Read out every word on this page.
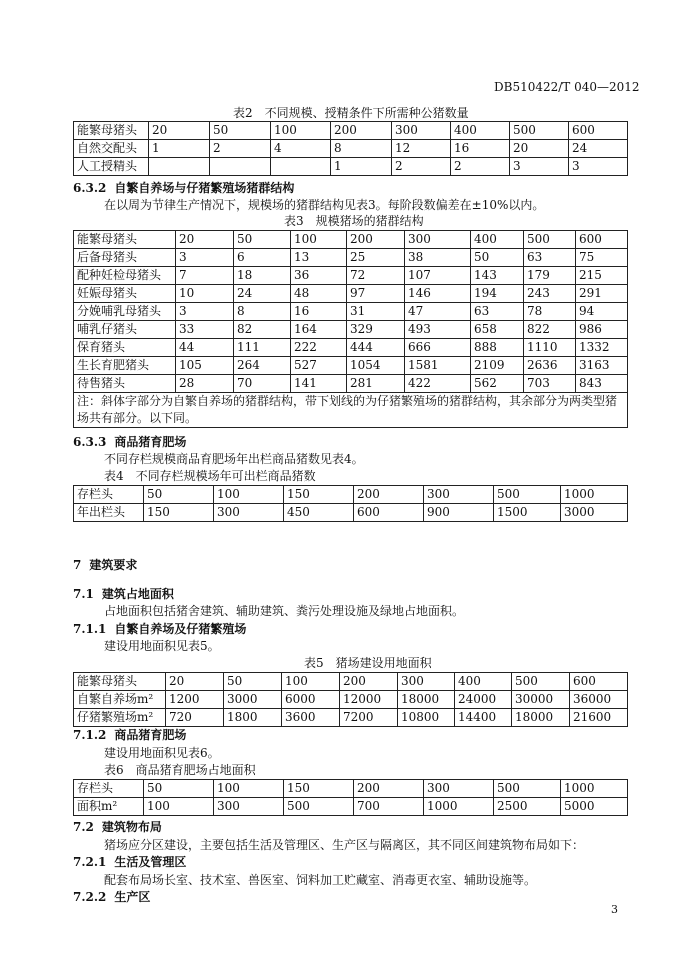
DB510422/T 040—2012
表2　不同规模、授精条件下所需种公猪数量
能繁母猪头	20	50	100	200	300	400	500	600
自然交配头	1	2	4	8	12	16	20	24
人工授精头				1	2	2	3	3
6.3.2 自繁自养场与仔猪繁殖场猪群结构
在以周为节律生产情况下，规模场的猪群结构见表3。每阶段数偏差在±10%以内。
表3　规模猪场的猪群结构
能繁母猪头	20	50	100	200	300	400	500	600
后备母猪头	3	6	13	25	38	50	63	75
配种妊检母猪头	7	18	36	72	107	143	179	215
妊娠母猪头	10	24	48	97	146	194	243	291
分娩哺乳母猪头	3	8	16	31	47	63	78	94
哺乳仔猪头	33	82	164	329	493	658	822	986
保育猪头	44	111	222	444	666	888	1110	1332
生长育肥猪头	105	264	527	1054	1581	2109	2636	3163
待售猪头	28	70	141	281	422	562	703	843
注：斜体字部分为自繁自养场的猪群结构，带下划线的为仔猪繁殖场的猪群结构，其余部分为两类型猪场共有部分。以下同。								
6.3.3 商品猪育肥场
不同存栏规模商品育肥场年出栏商品猪数见表4。
表4　不同存栏规模场年可出栏商品猪数
存栏头	50	100	150	200	300	500	1000
年出栏头	150	300	450	600	900	1500	3000
7 建筑要求
7.1 建筑占地面积
占地面积包括猪舍建筑、辅助建筑、粪污处理设施及绿地占地面积。
7.1.1 自繁自养场及仔猪繁殖场
建设用地面积见表5。
表5　猪场建设用地面积
能繁母猪头	20	50	100	200	300	400	500	600
自繁自养场m²	1200	3000	6000	12000	18000	24000	30000	36000
仔猪繁殖场m²	720	1800	3600	7200	10800	14400	18000	21600
7.1.2 商品猪育肥场
建设用地面积见表6。
表6　商品猪育肥场占地面积
存栏头	50	100	150	200	300	500	1000
面积m²	100	300	500	700	1000	2500	5000
7.2 建筑物布局
猪场应分区建设，主要包括生活及管理区、生产区与隔离区，其不同区间建筑物布局如下：
7.2.1 生活及管理区
配套布局场长室、技术室、兽医室、饲料加工贮藏室、消毒更衣室、辅助设施等。
7.2.2 生产区
3
